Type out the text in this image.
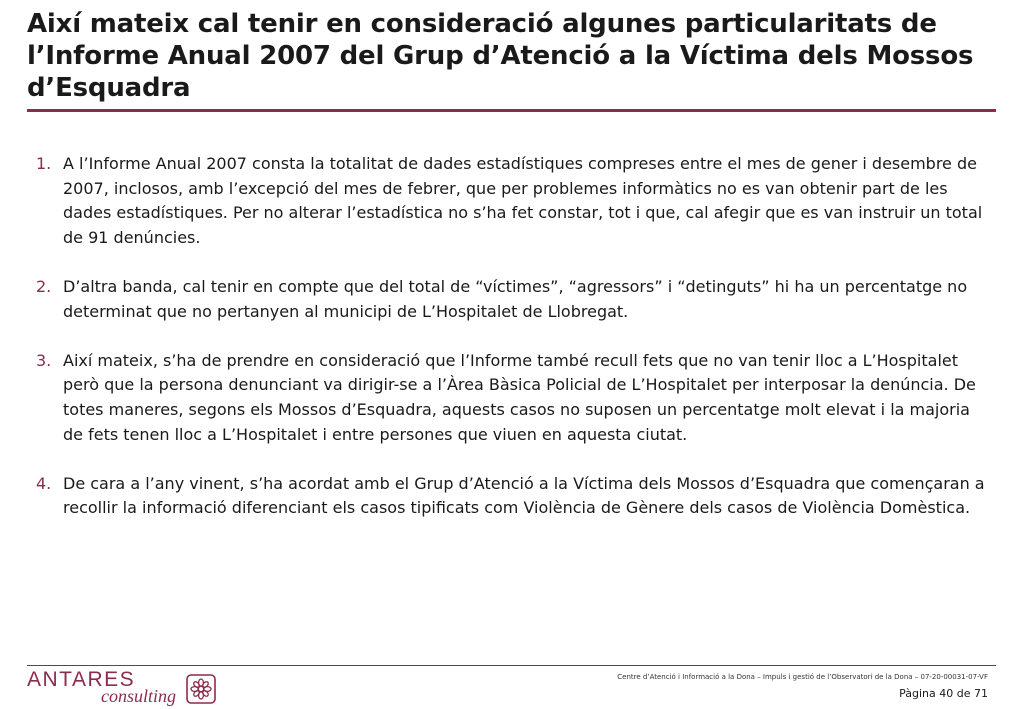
Així mateix cal tenir en consideració algunes particularitats de l’Informe Anual 2007 del Grup d’Atenció a la Víctima dels Mossos d’Esquadra
1. A l’Informe Anual 2007 consta la totalitat de dades estadístiques compreses entre el mes de gener i desembre de 2007, inclosos, amb l’excepció del mes de febrer, que per problemes informàtics no es van obtenir part de les dades estadístiques. Per no alterar l’estadística no s’ha fet constar, tot i que, cal afegir que es van instruir un total de 91 denúncies.
2. D’altra banda, cal tenir en compte que del total de “víctimes”, “agressors” i “detinguts” hi ha un percentatge no determinat que no pertanyen al municipi de L’Hospitalet de Llobregat.
3. Així mateix, s’ha de prendre en consideració que l’Informe també recull fets que no van tenir lloc a L’Hospitalet però que la persona denunciant va dirigir-se a l’Àrea Bàsica Policial de L’Hospitalet per interposar la denúncia. De totes maneres, segons els Mossos d’Esquadra, aquests casos no suposen un percentatge molt elevat i la majoria de fets tenen lloc a L’Hospitalet i entre persones que viuen en aquesta ciutat.
4. De cara a l’any vinent, s’ha acordat amb el Grup d’Atenció a la Víctima dels Mossos d’Esquadra que començaran a recollir la informació diferenciant els casos tipificats com Violència de Gènere dels casos de Violència Domèstica.
ANTARES
consulting
Centre d’Atenció i Informació a la Dona – Impuls i gestió de l’Observatori de la Dona – 07-20-00031-07-VF
Pàgina 40 de 71
